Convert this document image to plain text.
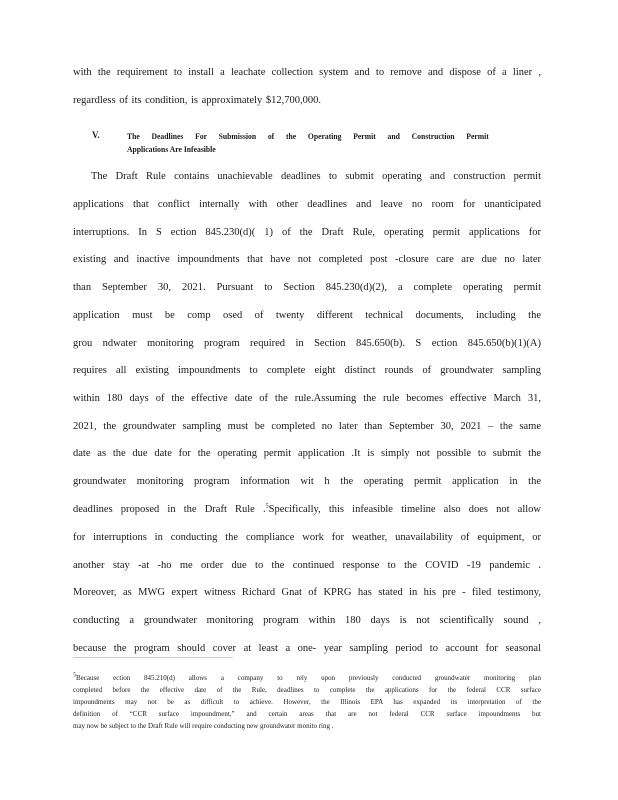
with the requirement to install a leachate collection system and to remove and dispose of a liner ,
regardless of its condition, is approximately $12,700,000.
V.	The Deadlines For Submission of the Operating Permit and Construction Permit
Applications Are Infeasible
The Draft Rule contains unachievable deadlines to submit operating and construction permit
applications that conflict internally with other deadlines and leave no room for unanticipated
interruptions. In S ection 845.230(d)( 1) of the Draft Rule, operating permit applications for
existing and inactive impoundments that have not completed post -closure care are due no later
than September 30, 2021. Pursuant to Section 845.230(d)(2), a complete operating permit
application must be comp osed of twenty different technical documents, including the
grou ndwater monitoring program required in Section 845.650(b). S ection 845.650(b)(1)(A)
requires all existing impoundments to complete eight distinct rounds of groundwater sampling
within 180 days of the effective date of the rule.Assuming the rule becomes effective March 31,
2021, the groundwater sampling must be completed no later than September 30, 2021 – the same
date as the due date for the operating permit application .It is simply not possible to submit the
groundwater monitoring program information wit h the operating permit application in the
deadlines proposed in the Draft Rule .$^5$Specifically, this infeasible timeline also does not allow
for interruptions in conducting the compliance work for weather, unavailability of equipment, or
another stay -at -ho me order due to the continued response to the COVID -19 pandemic .
Moreover, as MWG expert witness Richard Gnat of KPRG has stated in his pre - filed testimony,
conducting a groundwater monitoring program within 180 days is not scientifically sound ,
because the program should cover at least a one- year sampling period to account for seasonal
$^5$Because ection 845.210(d) allows a company to rely upon previously conducted groundwater monitoring plan
completed before the effective date of the Rule, deadlines to complete the applications for the federal CCR surface
impoundments may not be as difficult to achieve. However, the Illinois EPA has expanded its interpretation of the
definition of “CCR surface impoundment,” and certain areas that are not federal CCR surface impoundments but
may now be subject to the Draft Rule will require conducting new groundwater monito ring .
